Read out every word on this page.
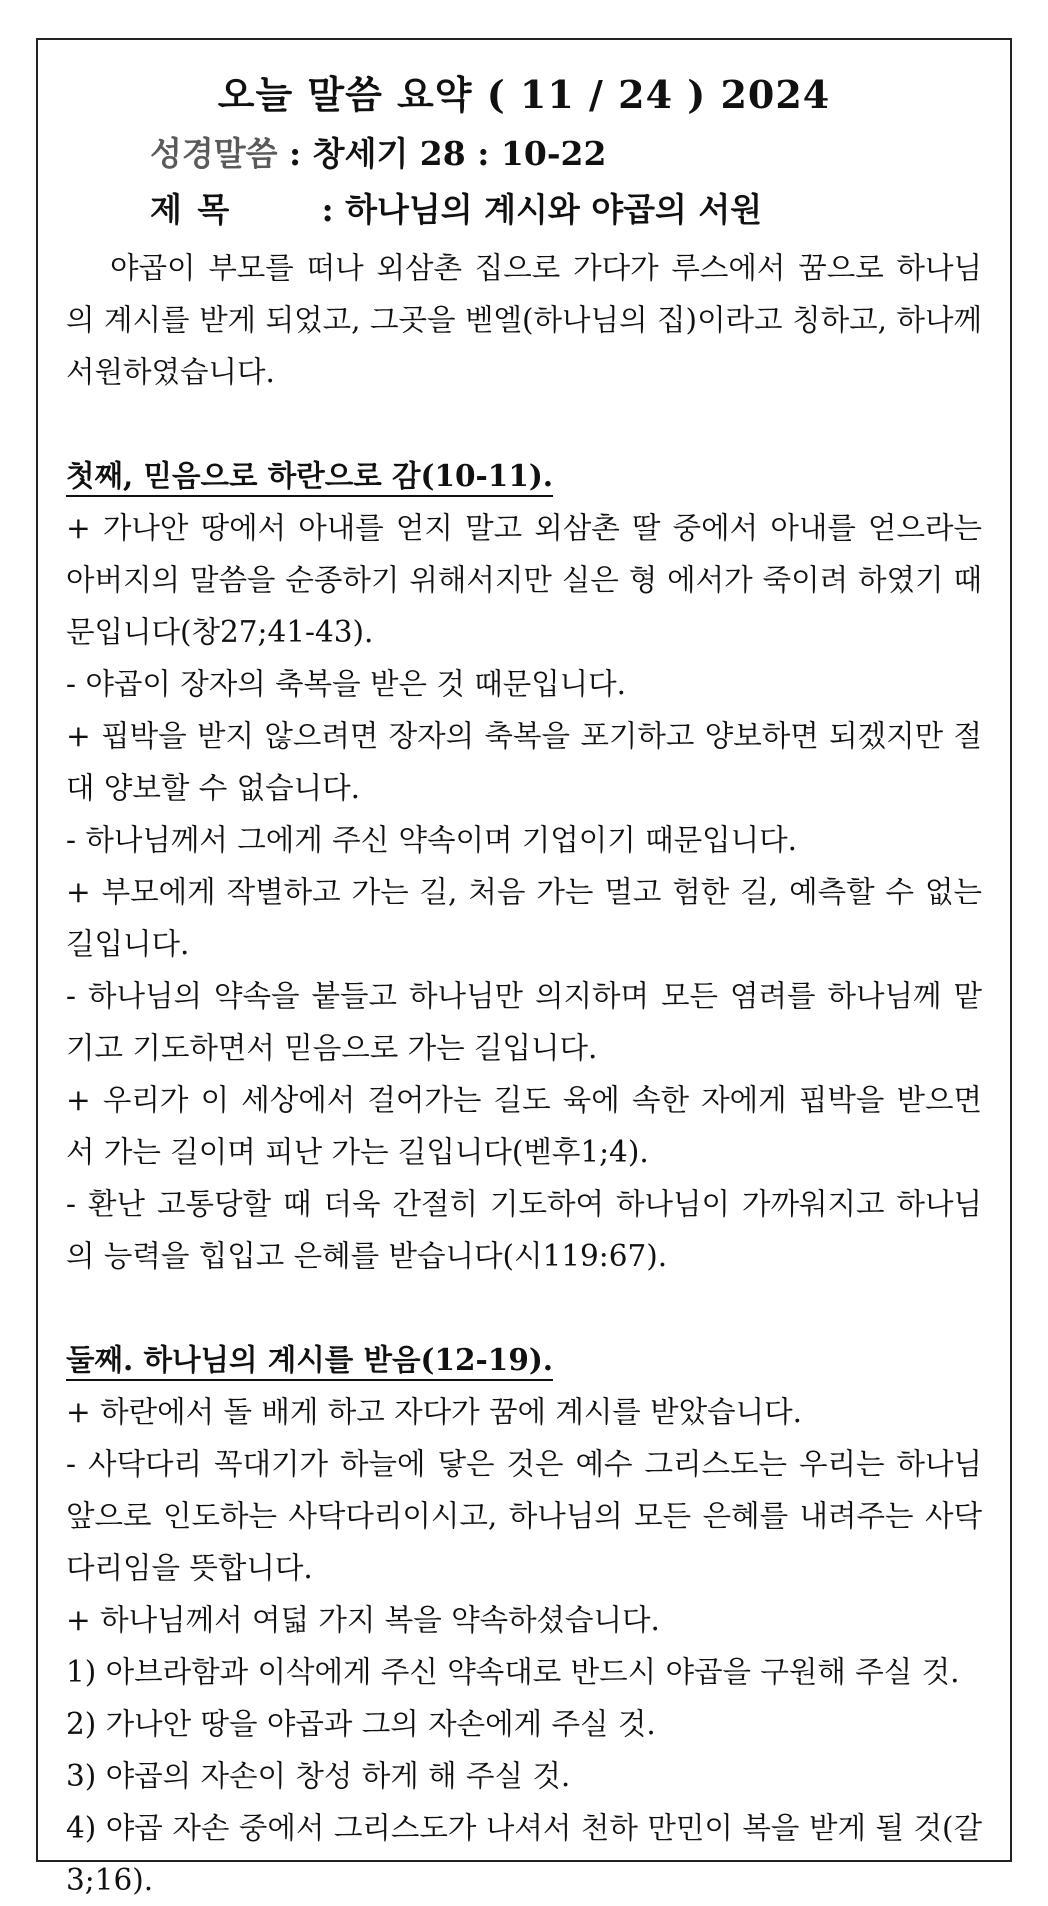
오늘 말씀 요약 ( 11 / 24 ) 2024
성경말씀 : 창세기 28 : 10-22
제 목	: 하나님의 계시와 야곱의 서원

야곱이 부모를 떠나 외삼촌 집으로 가다가 루스에서 꿈으로 하나님의 계시를 받게 되었고, 그곳을 벧엘(하나님의 집)이라고 칭하고, 하나께 서원하였습니다.

첫째, 믿음으로 하란으로 감(10-11).

+ 가나안 땅에서 아내를 얻지 말고 외삼촌 딸 중에서 아내를 얻으라는 아버지의 말씀을 순종하기 위해서지만 실은 형 에서가 죽이려 하였기 때문입니다(창27;41-43).

- 야곱이 장자의 축복을 받은 것 때문입니다.

+ 핍박을 받지 않으려면 장자의 축복을 포기하고 양보하면 되겠지만 절대 양보할 수 없습니다.

- 하나님께서 그에게 주신 약속이며 기업이기 때문입니다.

+ 부모에게 작별하고 가는 길, 처음 가는 멀고 험한 길, 예측할 수 없는 길입니다.

- 하나님의 약속을 붙들고 하나님만 의지하며 모든 염려를 하나님께 맡기고 기도하면서 믿음으로 가는 길입니다.

+ 우리가 이 세상에서 걸어가는 길도 육에 속한 자에게 핍박을 받으면서 가는 길이며 피난 가는 길입니다(벧후1;4).

- 환난 고통당할 때 더욱 간절히 기도하여 하나님이 가까워지고 하나님의 능력을 힙입고 은혜를 받습니다(시119:67).

둘째. 하나님의 계시를 받음(12-19).

+ 하란에서 돌 배게 하고 자다가 꿈에 계시를 받았습니다.

- 사닥다리 꼭대기가 하늘에 닿은 것은 예수 그리스도는 우리는 하나님 앞으로 인도하는 사닥다리이시고, 하나님의 모든 은혜를 내려주는 사닥다리임을 뜻합니다.

+ 하나님께서 여덟 가지 복을 약속하셨습니다.

1) 아브라함과 이삭에게 주신 약속대로 반드시 야곱을 구원해 주실 것.

2) 가나안 땅을 야곱과 그의 자손에게 주실 것.

3) 야곱의 자손이 창성 하게 해 주실 것.

4) 야곱 자손 중에서 그리스도가 나셔서 천하 만민이 복을 받게 될 것(갈3;16).
